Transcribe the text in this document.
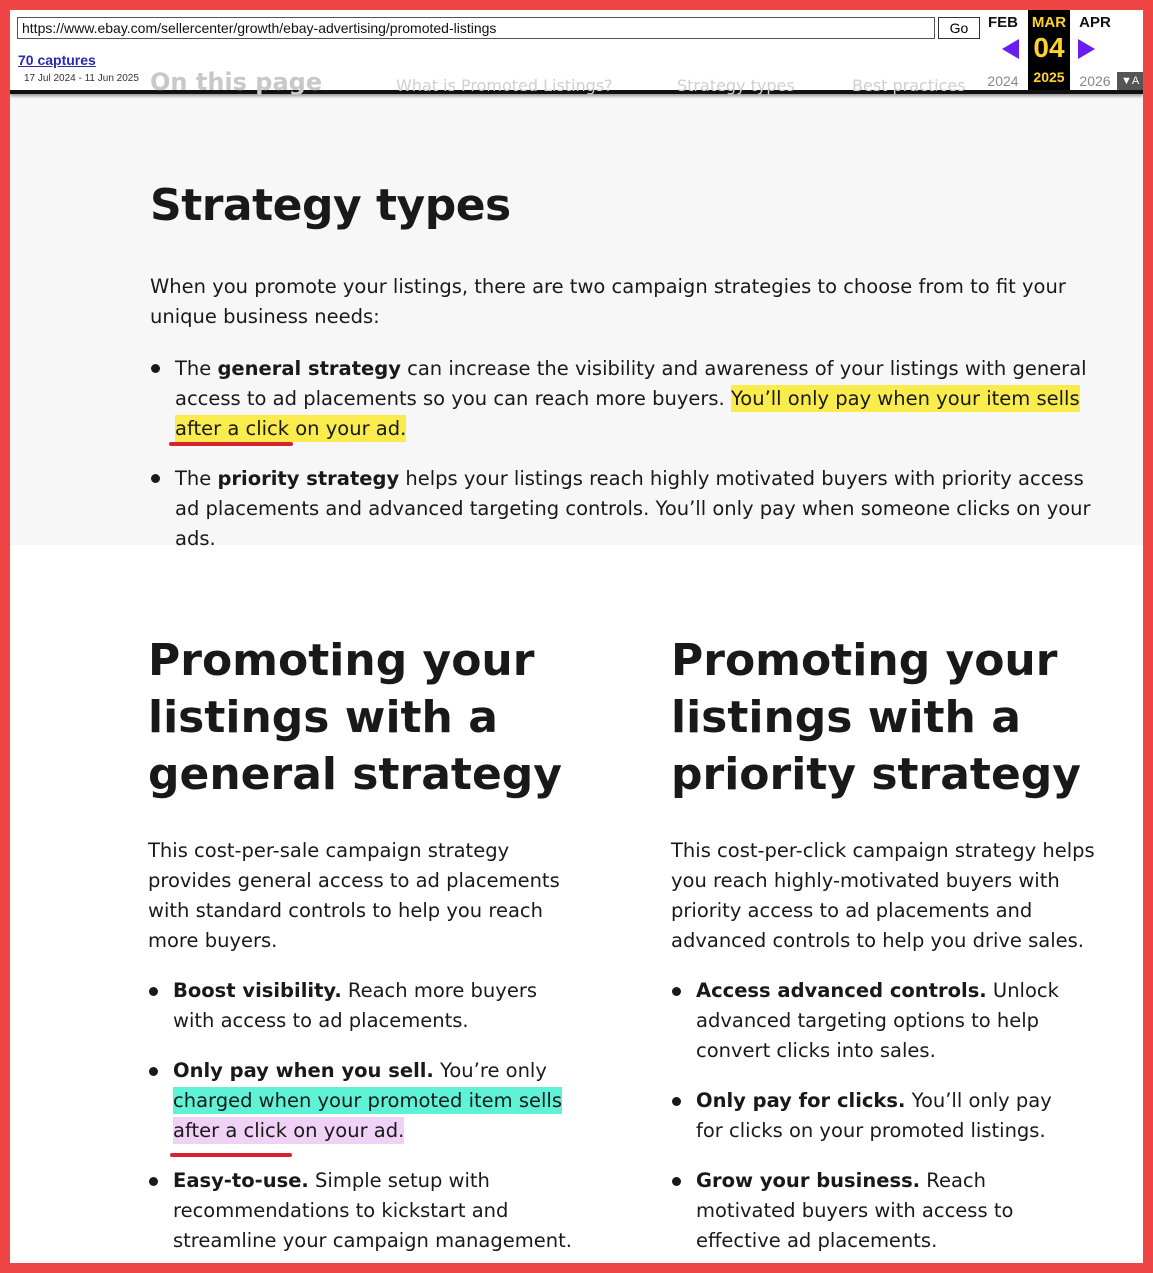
https://www.ebay.com/sellercenter/growth/ebay-advertising/promoted-listings
Go
70 captures
17 Jul 2024 - 11 Jun 2025
FEB
2024
MAR
04
2025
APR
2026 ▼A
On this page	What is Promoted Listings?	Strategy types	Best practices
Strategy types

When you promote your listings, there are two campaign strategies to choose from to fit your unique business needs:

The general strategy can increase the visibility and awareness of your listings with general access to ad placements so you can reach more buyers. You’ll only pay when your item sells after a click on your ad.

The priority strategy helps your listings reach highly motivated buyers with priority access ad placements and advanced targeting controls. You’ll only pay when someone clicks on your ads.

Promoting your listings with a general strategy

This cost-per-sale campaign strategy provides general access to ad placements with standard controls to help you reach more buyers.

Boost visibility. Reach more buyers with access to ad placements.

Only pay when you sell. You’re only
charged when your promoted item sells
after a click on your ad.

Easy-to-use. Simple setup with recommendations to kickstart and streamline your campaign management.

Promoting your listings with a priority strategy

This cost-per-click campaign strategy helps you reach highly-motivated buyers with priority access to ad placements and advanced controls to help you drive sales.

Access advanced controls. Unlock advanced targeting options to help convert clicks into sales.

Only pay for clicks. You’ll only pay for clicks on your promoted listings.

Grow your business. Reach motivated buyers with access to effective ad placements.
